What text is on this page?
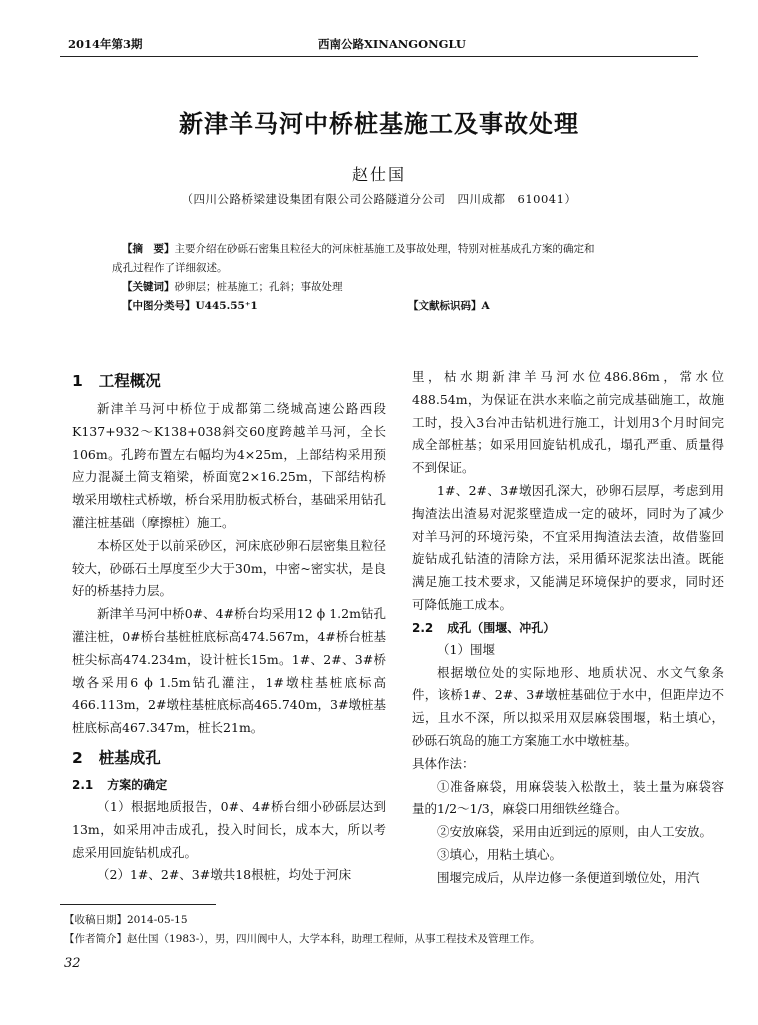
2014年第3期	西南公路XINANGONGLU
新津羊马河中桥桩基施工及事故处理
赵仕国
（四川公路桥梁建设集团有限公司公路隧道分公司　四川成都　610041）
【摘　要】主要介绍在砂砾石密集且粒径大的河床桩基施工及事故处理，特别对桩基成孔方案的确定和
成孔过程作了详细叙述。
【关键词】砂卵层；桩基施工；孔斜；事故处理
【中图分类号】U445.55⁺1	【文献标识码】A
1 工程概况

新津羊马河中桥位于成都第二绕城高速公路西段K137+932～K138+038斜交60度跨越羊马河，全长106m。孔跨布置左右幅均为4×25m，上部结构采用预应力混凝土简支箱梁，桥面宽2×16.25m，下部结构桥墩采用墩柱式桥墩，桥台采用肋板式桥台，基础采用钻孔灌注桩基础（摩擦桩）施工。

本桥区处于以前采砂区，河床底砂卵石层密集且粒径较大，砂砾石土厚度至少大于30m，中密~密实状，是良好的桥基持力层。

新津羊马河中桥0#、4#桥台均采用12 ϕ 1.2m钻孔灌注桩，0#桥台基桩桩底标高474.567m，4#桥台桩基桩尖标高474.234m，设计桩长15m。1#、2#、3#桥墩各采用6 ϕ 1.5m钻孔灌注，1#墩柱基桩底标高466.113m，2#墩柱基桩底标高465.740m，3#墩桩基桩底标高467.347m，桩长21m。

2 桩基成孔
2.1 方案的确定

（1）根据地质报告，0#、4#桥台细小砂砾层达到13m，如采用冲击成孔，投入时间长，成本大，所以考虑采用回旋钻机成孔。

（2）1#、2#、3#墩共18根桩，均处于河床

里，枯水期新津羊马河水位486.86m，常水位488.54m，为保证在洪水来临之前完成基础施工，故施工时，投入3台冲击钻机进行施工，计划用3个月时间完成全部桩基；如采用回旋钻机成孔，塌孔严重、质量得不到保证。

1#、2#、3#墩因孔深大，砂卵石层厚，考虑到用掏渣法出渣易对泥浆壁造成一定的破坏，同时为了减少对羊马河的环境污染，不宜采用掏渣法去渣，故借鉴回旋钻成孔钻渣的清除方法，采用循环泥浆法出渣。既能满足施工技术要求，又能满足环境保护的要求，同时还可降低施工成本。

2.2 成孔（围堰、冲孔）

（1）围堰

根据墩位处的实际地形、地质状况、水文气象条件，该桥1#、2#、3#墩桩基础位于水中，但距岸边不远，且水不深，所以拟采用双层麻袋围堰，粘土填心，砂砾石筑岛的施工方案施工水中墩桩基。

具体作法：

①准备麻袋，用麻袋装入松散土，装土量为麻袋容量的1/2～1/3，麻袋口用细铁丝缝合。

②安放麻袋，采用由近到远的原则，由人工安放。

③填心，用粘土填心。

围堰完成后，从岸边修一条便道到墩位处，用汽

【收稿日期】2014-05-15
【作者简介】赵仕国（1983-），男，四川阆中人，大学本科，助理工程师，从事工程技术及管理工作。
32
